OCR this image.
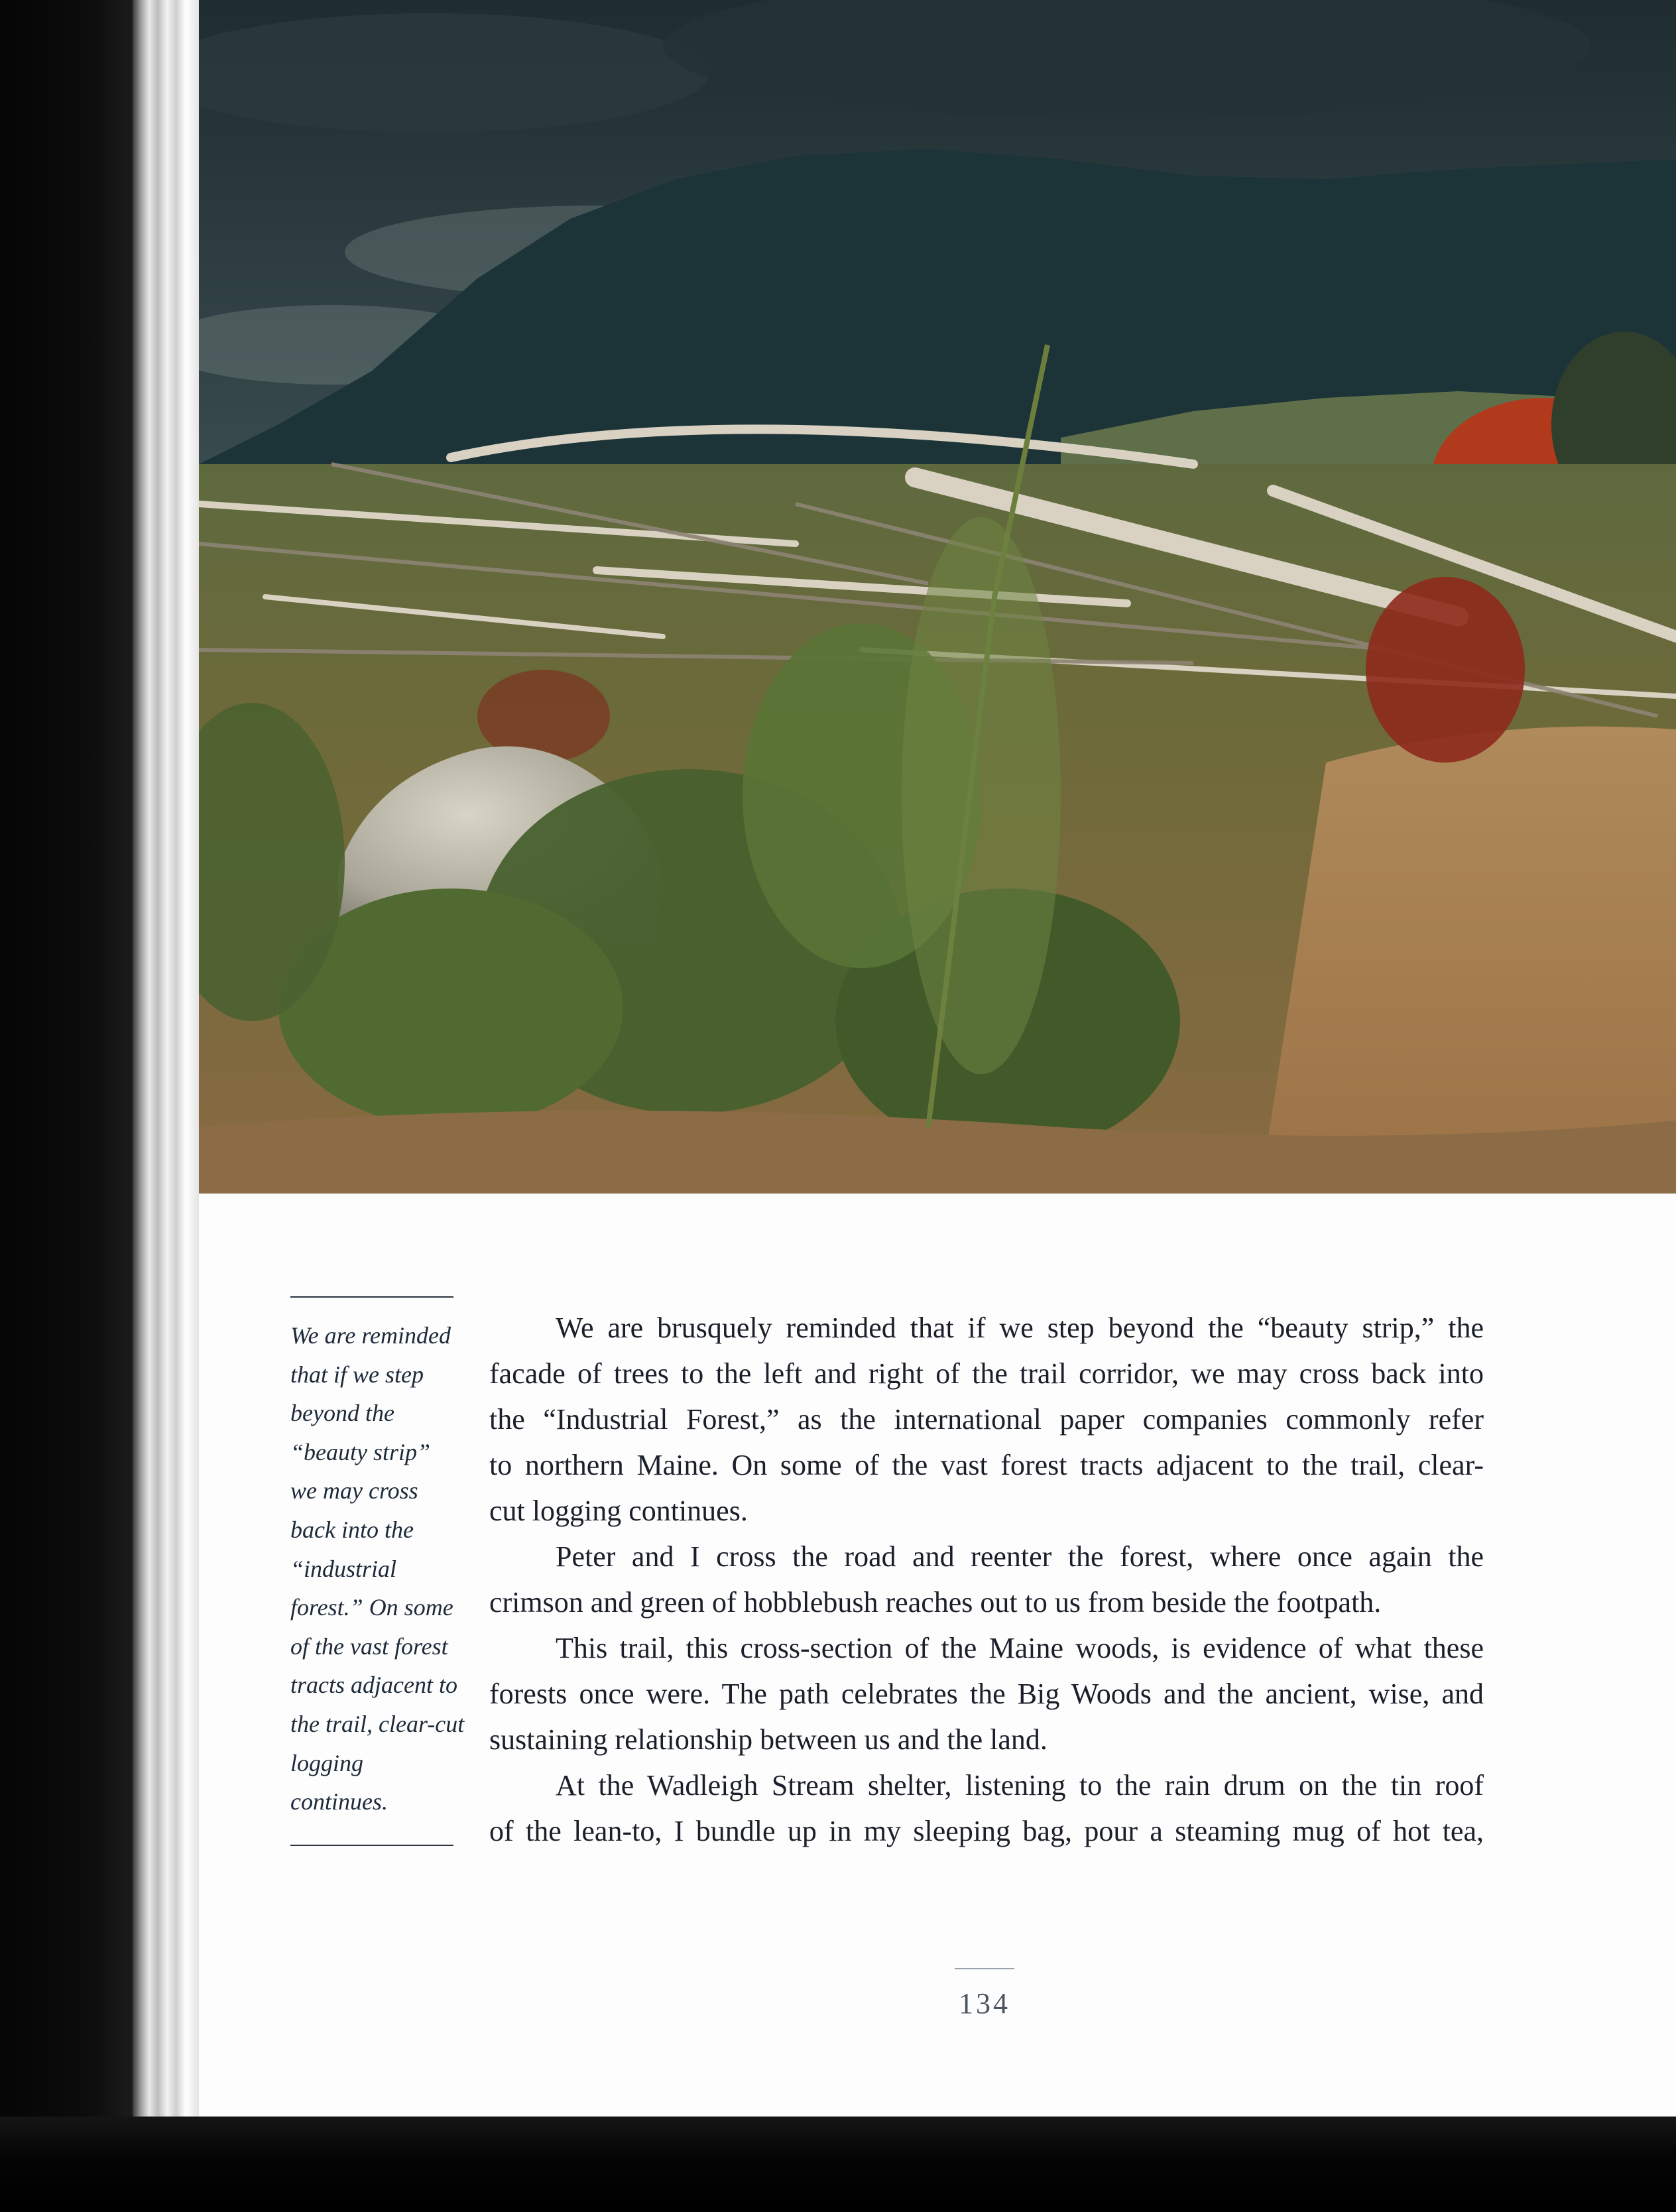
We are reminded
that if we step
beyond the
“beauty strip”
we may cross
back into the
“industrial
forest.” On some
of the vast forest
tracts adjacent to
the trail, clear-cut
logging
continues.

We are brusquely reminded that if we step beyond the “beauty strip,” the
facade of trees to the left and right of the trail corridor, we may cross back into
the “Industrial Forest,” as the international paper companies commonly refer
to northern Maine. On some of the vast forest tracts adjacent to the trail, clear-
cut logging continues.
Peter and I cross the road and reenter the forest, where once again the
crimson and green of hobblebush reaches out to us from beside the footpath.
This trail, this cross-section of the Maine woods, is evidence of what these
forests once were. The path celebrates the Big Woods and the ancient, wise, and
sustaining relationship between us and the land.
At the Wadleigh Stream shelter, listening to the rain drum on the tin roof
of the lean-to, I bundle up in my sleeping bag, pour a steaming mug of hot tea,
134
